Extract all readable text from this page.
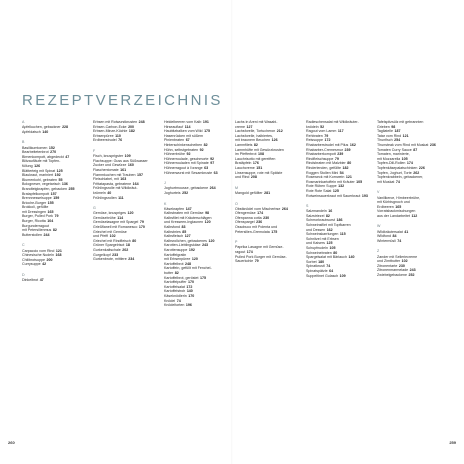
REZEPTVERZEICHNIS
A
Apfelkuchen, gebackner 228
Apfeldatsch 140
B
Basilikumtomen 152
Bearbeitetenbrot 270
Birnenkompott, abgedeckt 47
Blitzaufläufe mit Topfen-
füllung 126
Blätterteig mit Spinat 125
Blaukraut, mariniert 192
Blumenkohl, gebraten 55
Bologneser, vegetarisch 136
Brandteigkrapfen, gebacken 255
Bratapfelkompott 157
Brennnesselsuppe 159
Brioche-Burger 155
Brokkoli, gefüllte
mit Dressingen 165
Burger, Pulled Pork 79
Burger, Ricotta 104
Burgunderragout
mit Petersilienmus 82
Butterstollen 244
C
Carpaccio vom Rind 121
Chinesische Nudeln 168
Chilibrotsuppe 200
Currysuppe 42
D
Dinkelbrot 47
Erbsen mit Rotwurstkrusten 248
Erbsen-Carbon-Ecke 200
Erbsen-Minze-Küchle 182
Erbsenpüree 110
Erdbeerstrudel 76
F
Fisch, knusprigster 109
Flachsuppe: Guss aus Süßwasser
Zucker und Gewürze 160
Flaschentomate 161
Flammkuchen mit Trauben 157
Fleischlabel, mit 163
Frittatapasta, gebratene 164
Frühlingsrolle mit Wildkräut-
krümeln 40
Frühlingsrollen 111
G
Gemüse, knuspriges 120
Gemüsebrühe 114
Gemüselasagne mit Spargel 79
Grießflanell mit Romanesco 170
Griechel mit Gemüse
und Pfeffi 102
Griechel mit Rindfleisch 80
Grüner Spargelrisot 18
Gurkenkaltschale 202
Gurgelkopf 233
Gurkenbrote, mittlere 234
Heidelbeeren vom Kalb 191
Hirseauflauf 114
Haubitzbalken vom Wild 175
Hasenrücken mit süßem
Pinienbraten 67
Hinterschinkenscheiben 82
Hühn, selbstgebraten 92
Hühnerbrühe 92
Hühnerroulade, geschmorte 92
Hühnerrouladen mit Spinate 97
Hühnerragout à l'orange 63
Hühnerwurst mit Sesamkruste 63
J
Joghurtmousse, gebackene 264
Joghurteis 252
K
Käsekrapfen 147
Kalbsbraten mit Gemüse 98
Kalbsfilet mit Kräuterschlägen
und Kresseen-Inglaunen 120
Kalbsfond 83
Kalbsbries 85
Kalbsflelsch 127
Kalbsrollchen, gebackenes 120
Karotten-Lieblingskäse 243
Karottensuppe 192
Kartoffelgratin
mit Erbsenpüree 120
Kartoffelbrot 248
Kartoffeln, gefüllt mit Fenchel-
butter 82
Kartoffelbrot, geröstet 175
Kartoffelpuffer 170
Kartoffelsalat 172
Kartoffelstroh 140
Käseknödlerln 170
Knödel 74
Knödeltorten 196
Lachs in Areni mit Wasabi-
creme 127
Lachsforelle, Tortucheron 212
Lachsforelle, halbiertes,
mit braunem Beuchen 126
Lammfilets 82
Lammhüfte mit Gewürzkrusten
im Pfefferbrot 108
Lauchrisotto mit gereiften
Bratäpfeln 176
Lauchcreme 151
Linsensuppe, rote mit Spätzle
und Rind 208
M
Mangold gefüllter 281
O
Obstknödel vom Mischerbse 264
Ofengemüse 174
Ofenpanna cotta 230
Ofenspargel 236
Ossobuco mit Polenta und
Petersilien-Gremolata 175
P
Paprika Lasagne mit Gemüse-
ragout 174
Pulled Pork Burger mit Gemüse-
Sauerkohle 79
Radieschensalat mit Wildkräuter-
knödeln 52
Ragout vom Lamm 117
Rehbraten 79
Reissuppe 172
Rhabarberstrudel mit Pilus 162
Rhabarber-Cremesmur 239
Rhabarberkompott 239
Rindfleischsuppe 79
Rindsbraten mit Malzbier 80
Rinderlenden, gefüllte 182
Roggen Stollen Mini 54
Roseweck mit Kornwein 121
Rosmarinkartoffeln mit Kräuter 105
Rote Rüben Suppe 132
Rote Rote Salat 125
Rotweinsauerkraut mit Sauerkraut 193
S
Salzmandeln 16
Salzstriezel 82
Schmorkrautwurst 186
Schweinsfilet mit Topfkarren
und Dessen 162
Schweinskarrlungen 115
Schnitzel mit Erbsen
und Kaisers 125
Schupfnudeln 105
Schweinebraten 80
Spargelsalat mit Bärlauch 140
Sorbet 180
Spinatkrustl 74
Spinatspätzle 64
Suppeltinet Gulasch 109
Tafelspitzsülz mit gebrannten
Grieben 98
Tagliatelle 187
Tatar vom Rind 121
Thunfisch 254
Thunsteak vom Rind mit Muskat 236
Tomaten Curry Sauce 87
Tomaten, marinierte,
mit Mozzarella 105
Topfen-Dill-Rollen 174
Topfenkäsepalatschinken 226
Topfen, Joghurt, Torte 262
Topfenkrabbeln, gebackener,
mit Muskat 74
V
Vanillkerce, Himbeerbrühe,
mit Kürbisgnoch und
Erdbeeren 165
Vorratsbackmischungen
aus der Landarbeitet 112
W
Wildkräutersalat 41
Wildfond 84
Wintermüsli 74
Z
Zander mit Selleriecreme
und Zimtbutter 102
Zitronentarte 230
Zitronenmarmelade 243
Zwiebelgebackene 252
260	259
